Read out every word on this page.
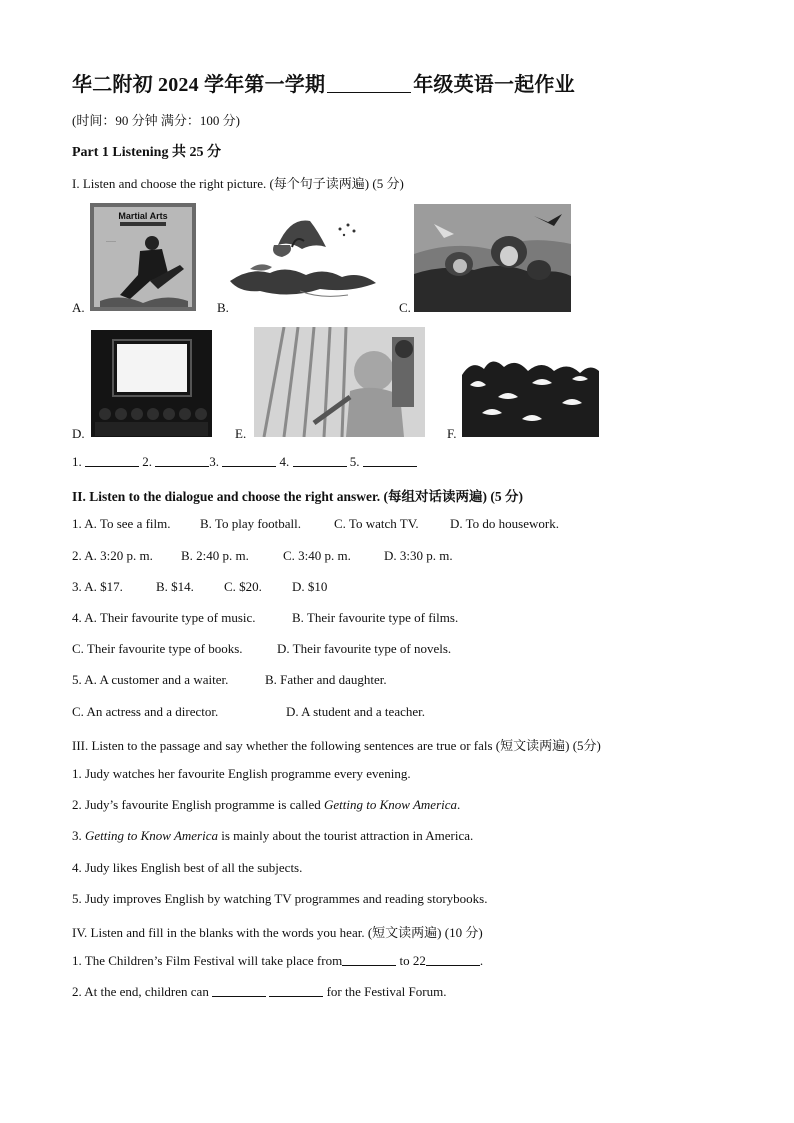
华二附初 2024 学年第一学期	年级英语一起作业
(时间：90 分钟 满分：100 分)
Part 1 Listening 共 25 分
I. Listen and choose the right picture. (每个句子读两遍) (5 分)
A.
Martial Arts
·····
B.	C.
D.	E.	F.
1.	2.	3.	4.	5.
II. Listen to the dialogue and choose the right answer. (每组对话读两遍) (5 分)
1. A. To see a film. B. To play football.	C. To watch TV. D. To do housework.
2. A. 3:20 p. m. B. 2:40 p. m.	C. 3:40 p. m.	D. 3:30 p. m.
3. A. $17.	B. $14. C. $20. D. $10
4. A. Their favourite type of music.	B. Their favourite type of films.
C. Their favourite type of books.	D. Their favourite type of novels.
5. A. A customer and a waiter.	B. Father and daughter.
C. An actress and a director.	D. A student and a teacher.
III. Listen to the passage and say whether the following sentences are true or fals (短文读两遍) (5分)
1. Judy watches her favourite English programme every evening.
2. Judy’s favourite English programme is called Getting to Know America.
3. Getting to Know America is mainly about the tourist attraction in America.
4. Judy likes English best of all the subjects.
5. Judy improves English by watching TV programmes and reading storybooks.
IV. Listen and fill in the blanks with the words you hear. (短文读两遍) (10 分)
1. The Children’s Film Festival will take place from	to 22	.
2. At the end, children can	for the Festival Forum.
